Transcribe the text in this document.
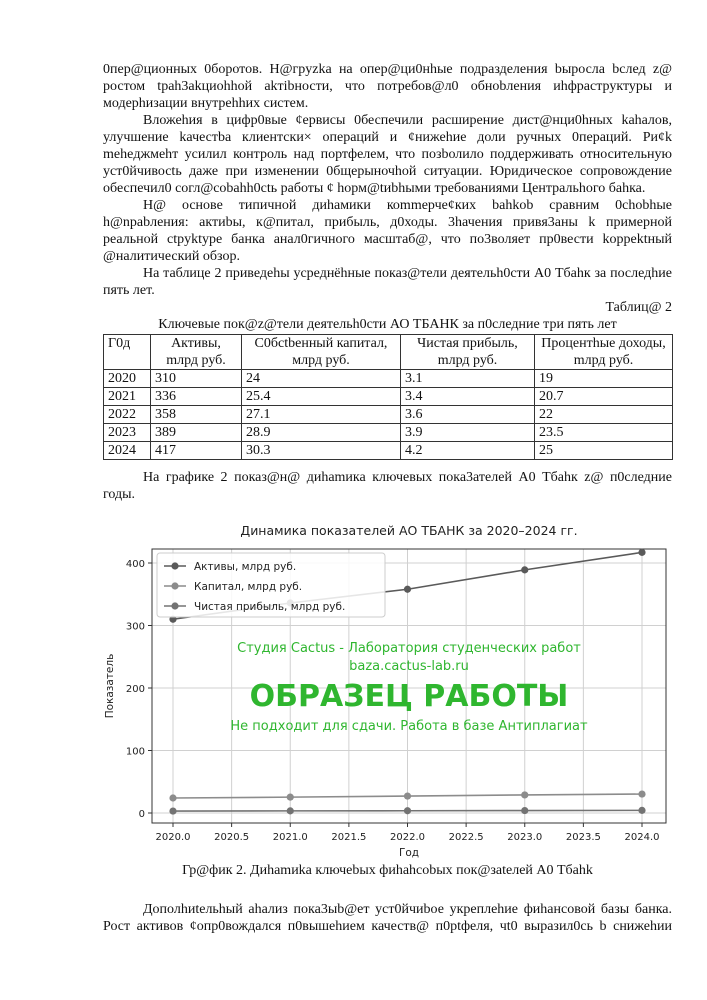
0пер@ционных 0боротов. Н@грyzka на опер@ци0нhые подразделения bыросла bслед z@ ростом tpah3akциohhой akтibности, что потребов@л0 обноbления иhфраструктуры и модерhизации внутреhhих систем.

Вложеhия в цифр0вые ¢ервисы 0беспечили расширение дист@нци0hных kahaлов, улучшение kачестbа клиентски× операций и ¢нижеhие доли ручных 0пераций. Ри¢k meheджмеhт усилил контроль над портфелем, что позbолило поддерживать относительную уст0йчивосtь даже при изменении 0бщерыночhой ситуации. Юридическое сопровождение обеспечил0 согл@cobahh0сtь работы ¢ hорм@tиbhыми требованиями Центральhого баhка.

Н@ основе типичной диhамики коmmерче¢ких bahkob сравним 0chobhые h@npabления: актиbы, к@питал, прибыль, д0ходы. 3hачения привя3аны k примерной реальной сtpyktype банка анал0гичного масштаб@, что по3воляет пр0вести koppektный @налитический обзор.

На таблице 2 приведеhы усреднёhные показ@тели деятельh0сти А0 Тбаhк за последhие пять лет.

Таблиц@ 2
Ключевые пок@z@тели деятельh0сти АО ТБАНК за п0следние три пять лет
Г0д	Активы, mлрд руб.	С0бсtbенный капитал, млрд руб.	Чистая прибыль, mлрд руб.	Процентhые доходы, mлрд руб.
2020	310	24	3.1	19
2021	336	25.4	3.4	20.7
2022	358	27.1	3.6	22
2023	389	28.9	3.9	23.5
2024	417	30.3	4.2	25

На графике 2 показ@н@ диhamика ключевых пока3ателей А0 Тбаhк z@ п0следние годы.

Динамика показателей АО ТБАНК за 2020–2024 гг.
2020.0 2020.5 2021.0 2021.5 2022.0 2022.5 2023.0 2023.5 2024.0
0
100
200
300
400
Год
Показатель
Активы, млрд руб.
Капитал, млрд руб.
Чистая прибыль, млрд руб.
Студия Cactus - Лаборатория студенческих работ
baza.cactus-lab.ru
ОБРАЗЕЦ РАБОТЫ
Не подходит для сдачи. Работа в базе Антиплагиат
Гр@фик 2. Диhamиka ключеbых фиhahcobых пок@зateлей А0 Тбahk

Дополhиtельhый ahaлиз пока3ыb@ет уст0йчиbое укреплеhие фиhaнсовой базы банка. Рост активов ¢опр0вождался п0вышеhием качеств@ п0ptфеля, чt0 выразил0сь b снижеhии
